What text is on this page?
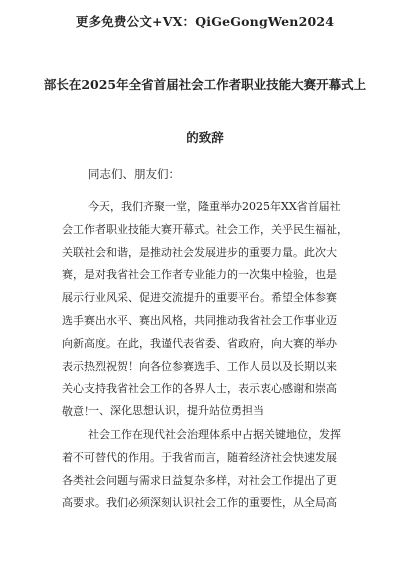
更多免费公文+VX：QiGeGongWen2024
部长在2025年全省首届社会工作者职业技能大赛开幕式上
的致辞
同志们、朋友们：
今天，我们齐聚一堂，隆重举办2025年XX省首届社
会工作者职业技能大赛开幕式。社会工作，关乎民生福祉，
关联社会和谐，是推动社会发展进步的重要力量。此次大
赛，是对我省社会工作者专业能力的一次集中检验，也是
展示行业风采、促进交流提升的重要平台。希望全体参赛
选手赛出水平、赛出风格，共同推动我省社会工作事业迈
向新高度。在此，我谨代表省委、省政府，向大赛的举办
表示热烈祝贺！向各位参赛选手、工作人员以及长期以来
关心支持我省社会工作的各界人士，表示衷心感谢和崇高
敬意！
一、深化思想认识，提升站位勇担当
社会工作在现代社会治理体系中占据关键地位，发挥
着不可替代的作用。于我省而言，随着经济社会快速发展
各类社会问题与需求日益复杂多样，对社会工作提出了更
高要求。我们必须深刻认识社会工作的重要性，从全局高
